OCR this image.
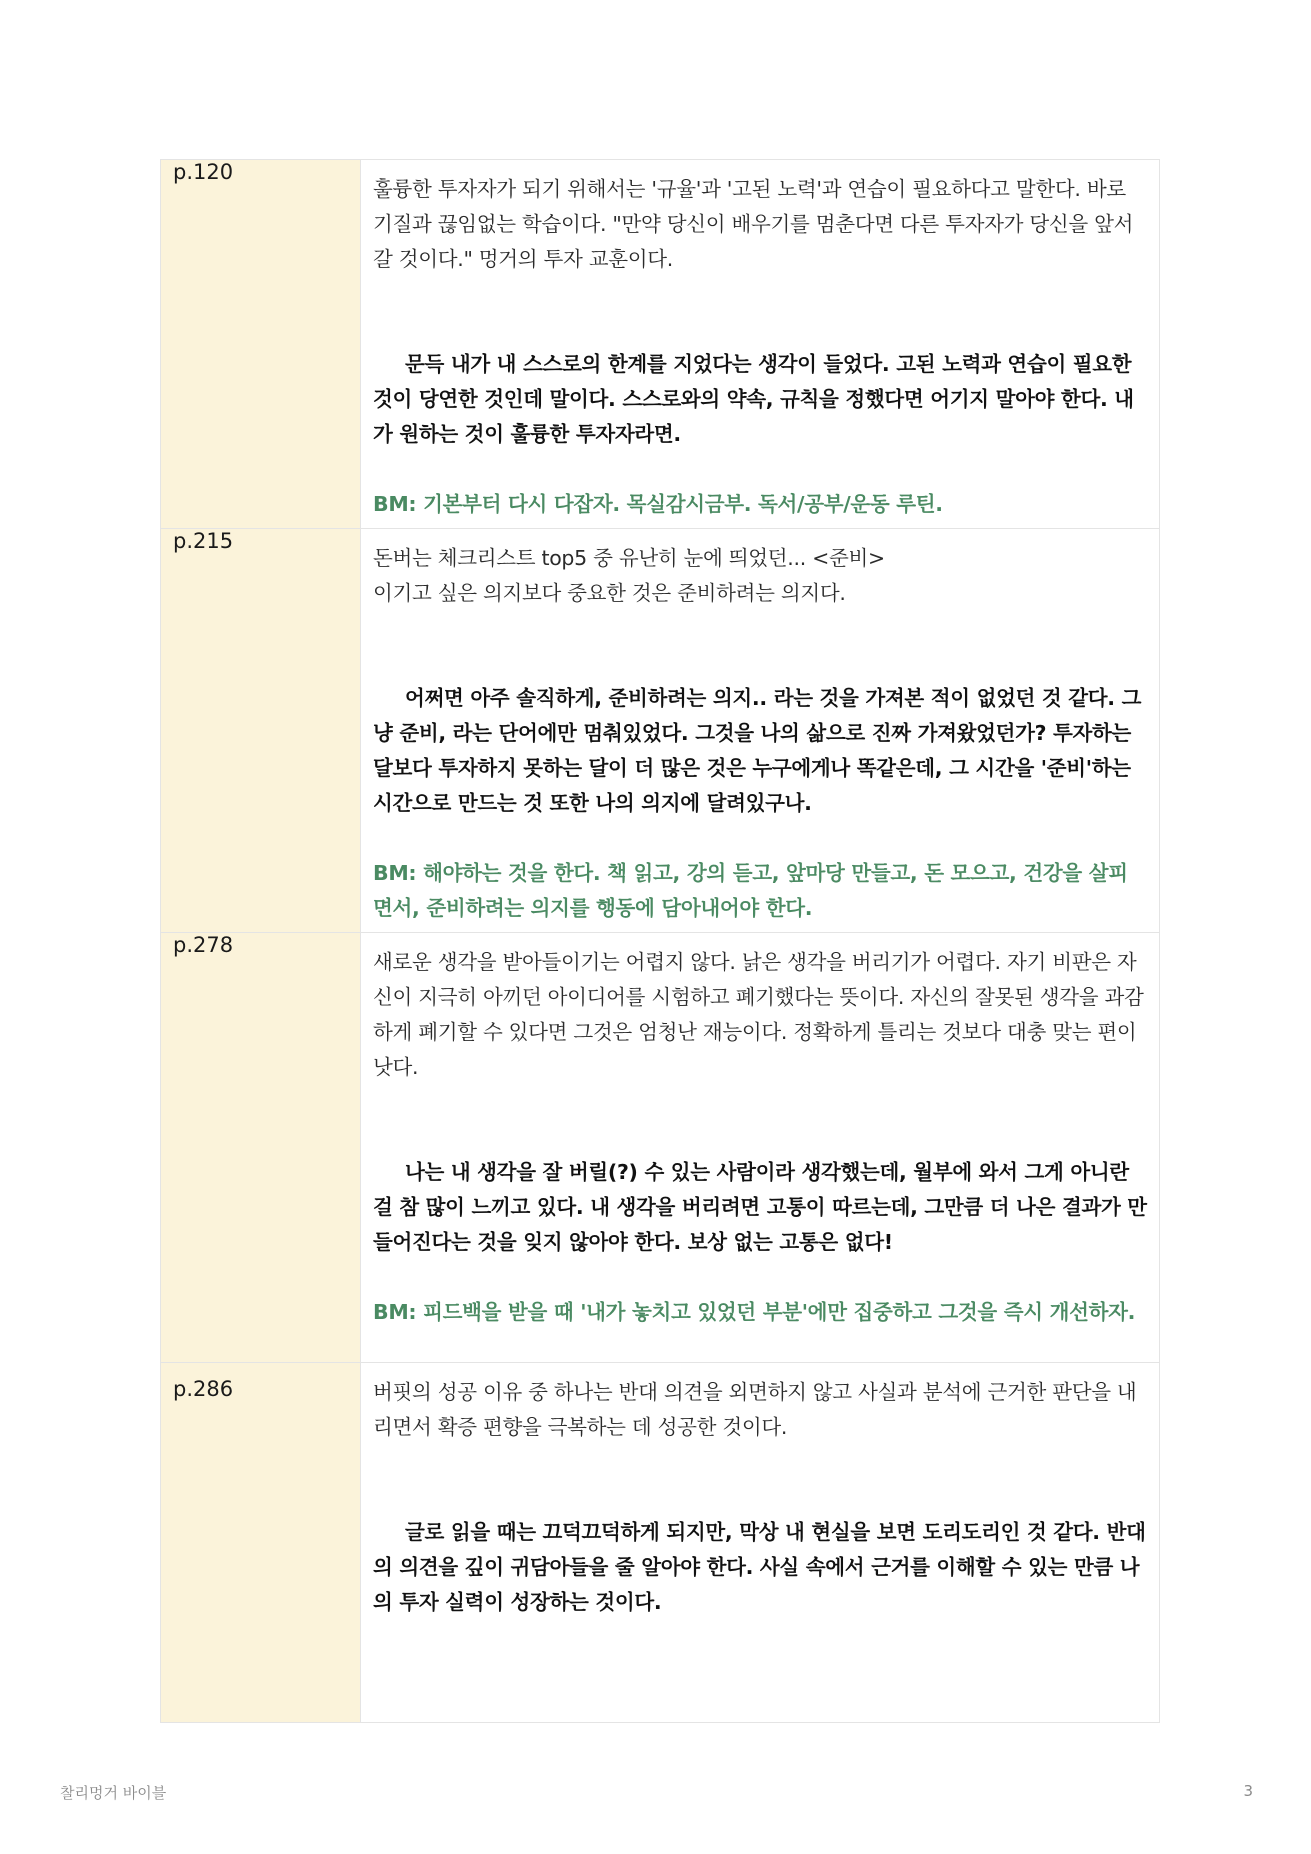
p.120	훌륭한 투자자가 되기 위해서는 '규율'과 '고된 노력'과 연습이 필요하다고 말한다. 바로 기질과 끊임없는 학습이다. "만약 당신이 배우기를 멈춘다면 다른 투자자가 당신을 앞서갈 것이다." 멍거의 투자 교훈이다.

문득 내가 내 스스로의 한계를 지었다는 생각이 들었다. 고된 노력과 연습이 필요한 것이 당연한 것인데 말이다. 스스로와의 약속, 규칙을 정했다면 어기지 말아야 한다. 내가 원하는 것이 훌륭한 투자자라면.

BM: 기본부터 다시 다잡자. 목실감시금부. 독서/공부/운동 루틴.

p.215	돈버는 체크리스트 top5 중 유난히 눈에 띄었던... <준비>
이기고 싶은 의지보다 중요한 것은 준비하려는 의지다.

어쩌면 아주 솔직하게, 준비하려는 의지.. 라는 것을 가져본 적이 없었던 것 같다. 그냥 준비, 라는 단어에만 멈춰있었다. 그것을 나의 삶으로 진짜 가져왔었던가? 투자하는 달보다 투자하지 못하는 달이 더 많은 것은 누구에게나 똑같은데, 그 시간을 '준비'하는 시간으로 만드는 것 또한 나의 의지에 달려있구나.

BM: 해야하는 것을 한다. 책 읽고, 강의 듣고, 앞마당 만들고, 돈 모으고, 건강을 살피면서, 준비하려는 의지를 행동에 담아내어야 한다.

p.278	새로운 생각을 받아들이기는 어렵지 않다. 낡은 생각을 버리기가 어렵다. 자기 비판은 자신이 지극히 아끼던 아이디어를 시험하고 폐기했다는 뜻이다. 자신의 잘못된 생각을 과감하게 폐기할 수 있다면 그것은 엄청난 재능이다. 정확하게 틀리는 것보다 대충 맞는 편이 낫다.

나는 내 생각을 잘 버릴(?) 수 있는 사람이라 생각했는데, 월부에 와서 그게 아니란 걸 참 많이 느끼고 있다. 내 생각을 버리려면 고통이 따르는데, 그만큼 더 나은 결과가 만들어진다는 것을 잊지 않아야 한다. 보상 없는 고통은 없다!

BM: 피드백을 받을 때 '내가 놓치고 있었던 부분'에만 집중하고 그것을 즉시 개선하자.

p.286	버핏의 성공 이유 중 하나는 반대 의견을 외면하지 않고 사실과 분석에 근거한 판단을 내리면서 확증 편향을 극복하는 데 성공한 것이다.

글로 읽을 때는 끄덕끄덕하게 되지만, 막상 내 현실을 보면 도리도리인 것 같다. 반대의 의견을 깊이 귀담아들을 줄 알아야 한다. 사실 속에서 근거를 이해할 수 있는 만큼 나의 투자 실력이 성장하는 것이다.

찰리멍거 바이블	3
